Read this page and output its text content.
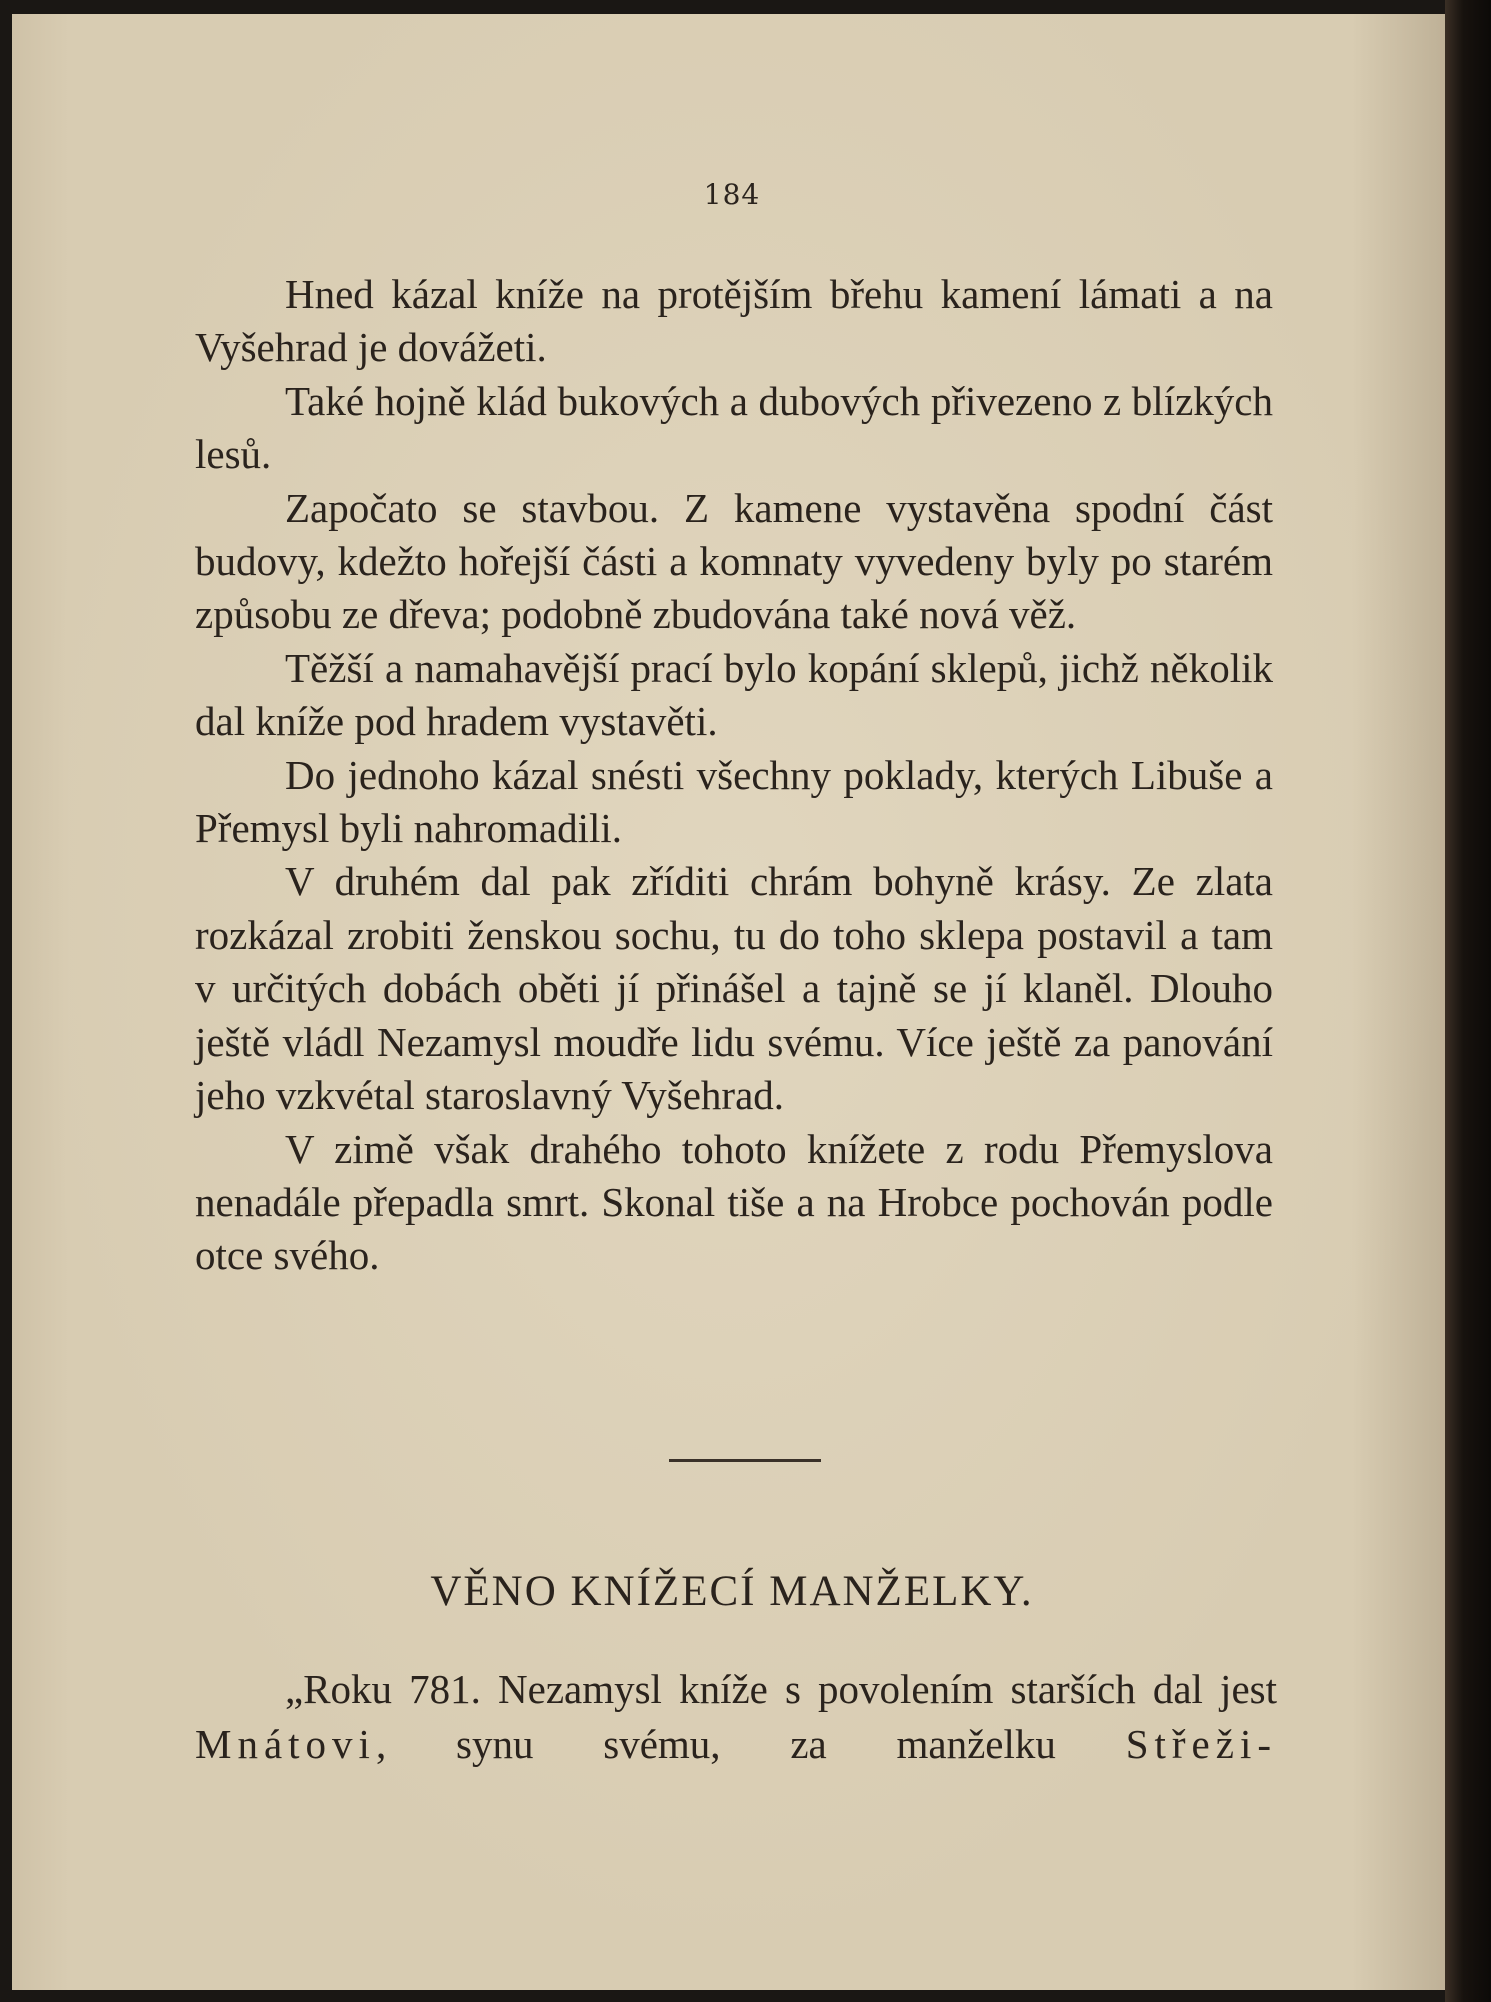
184

Hned kázal kníže na protějším břehu kamení lámati a na Vyšehrad je dovážeti.

Také hojně klád bukových a dubových přivezeno z blízkých lesů.

Započato se stavbou. Z kamene vystavěna spodní část budovy, kdežto hořejší části a komnaty vyvedeny byly po starém způsobu ze dřeva; podobně zbudována také nová věž.

Těžší a namahavější prací bylo kopání sklepů, jichž několik dal kníže pod hradem vystavěti.

Do jednoho kázal snésti všechny poklady, kterých Libuše a Přemysl byli nahromadili.

V druhém dal pak zříditi chrám bohyně krásy. Ze zlata rozkázal zrobiti ženskou sochu, tu do toho sklepa postavil a tam v určitých dobách oběti jí přinášel a tajně se jí klaněl. Dlouho ještě vládl Nezamysl moudře lidu svému. Více ještě za panování jeho vzkvétal staroslavný Vyšehrad.

V zimě však drahého tohoto knížete z rodu Přemyslova nenadále přepadla smrt. Skonal tiše a na Hrobce pochován podle otce svého.

VĚNO KNÍŽECÍ MANŽELKY.

„Roku 781. Nezamysl kníže s povolením starších dal jest Mnátovi, synu svému, za manželku Střeži-
